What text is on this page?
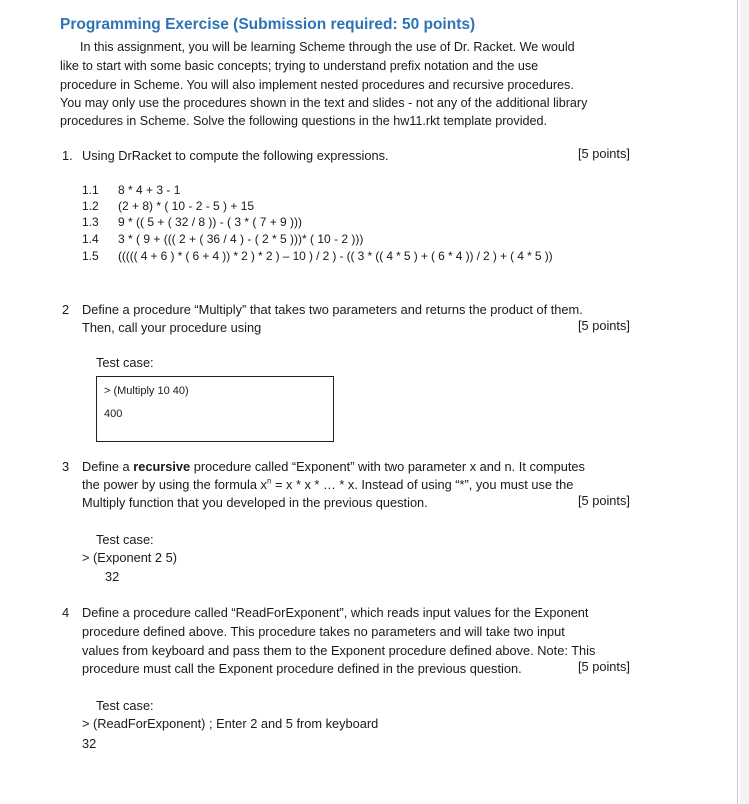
Programming Exercise (Submission required: 50 points)
In this assignment, you will be learning Scheme through the use of Dr. Racket. We would
like to start with some basic concepts; trying to understand prefix notation and the use
procedure in Scheme. You will also implement nested procedures and recursive procedures.
You may only use the procedures shown in the text and slides - not any of the additional library
procedures in Scheme. Solve the following questions in the hw11.rkt template provided.
1. Using DrRacket to compute the following expressions.	[5 points]
1.1 8 * 4 + 3 - 1
1.2 (2 + 8) * ( 10 - 2 - 5 ) + 15
1.3 9 * (( 5 + ( 32 / 8 )) - ( 3 * ( 7 + 9 )))
1.4 3 * ( 9 + ((( 2 + ( 36 / 4 ) - ( 2 * 5 )))* ( 10 - 2 )))
1.5 ((((( 4 + 6 ) * ( 6 + 4 )) * 2 ) * 2 ) – 10 ) / 2 ) - (( 3 * (( 4 * 5 ) + ( 6 * 4 )) / 2 ) + ( 4 * 5 ))
2 Define a procedure “Multiply” that takes two parameters and returns the product of them.
Then, call your procedure using	[5 points]
Test case:
> (Multiply 10 40)
400
3 Define a recursive procedure called “Exponent” with two parameter x and n. It computes
the power by using the formula $x^n = x * x$ * … * x. Instead of using “*”, you must use the
Multiply function that you developed in the previous question.	[5 points]
Test case:
> (Exponent 2 5)
32
4 Define a procedure called “ReadForExponent”, which reads input values for the Exponent
procedure defined above. This procedure takes no parameters and will take two input
values from keyboard and pass them to the Exponent procedure defined above. Note: This
procedure must call the Exponent procedure defined in the previous question.	[5 points]
Test case:
> (ReadForExponent) ; Enter 2 and 5 from keyboard
32
